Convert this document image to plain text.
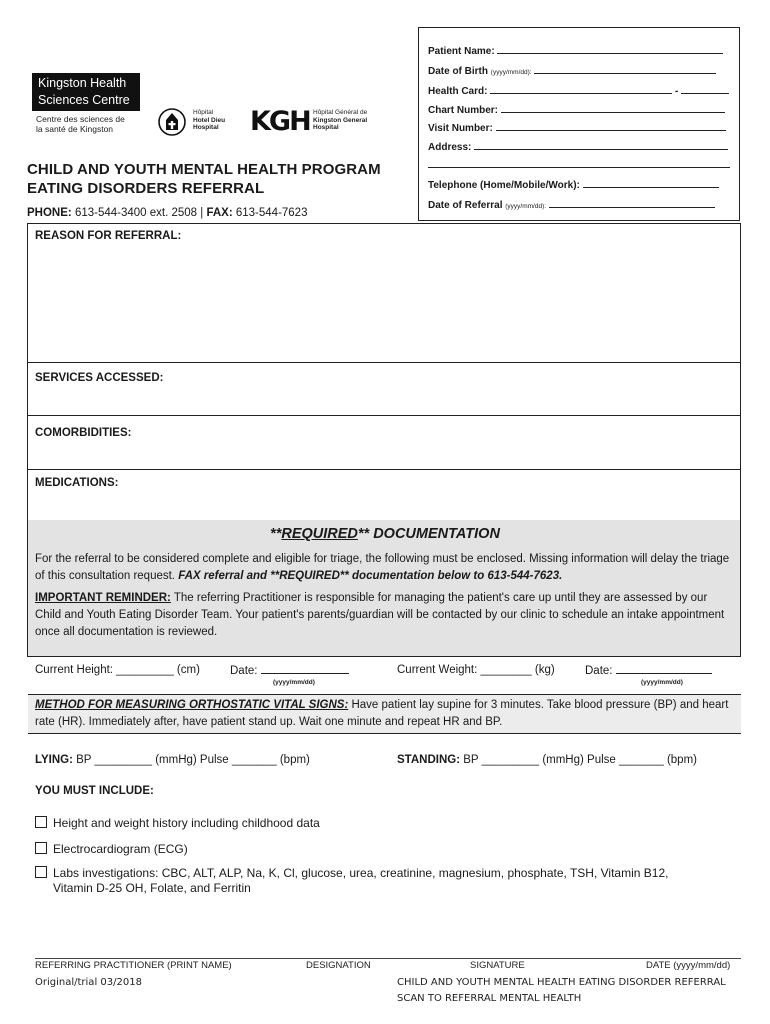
Kingston Health
Sciences Centre
Centre des sciences de
la santé de Kingston
Hôpital
Hotel Dieu
Hospital KGH Hôpital Général de
Kingston General
Hospital
Patient Name:
Date of Birth (yyyy/mm/dd):
Health Card:	-
Chart Number:
Visit Number:
Address:
Telephone (Home/Mobile/Work):
Date of Referral (yyyy/mm/dd):
CHILD AND YOUTH MENTAL HEALTH PROGRAM
EATING DISORDERS REFERRAL
PHONE: 613-544-3400 ext. 2508 | FAX: 613-544-7623
REASON FOR REFERRAL:
SERVICES ACCESSED:
COMORBIDITIES:
MEDICATIONS:
**REQUIRED** DOCUMENTATION
For the referral to be considered complete and eligible for triage, the following must be enclosed. Missing information will delay the triage of this consultation request. FAX referral and **REQUIRED** documentation below to 613-544-7623.
IMPORTANT REMINDER: The referring Practitioner is responsible for managing the patient's care up until they are assessed by our Child and Youth Eating Disorder Team. Your patient's parents/guardian will be contacted by our clinic to schedule an intake appointment once all documentation is reviewed.
Current Height: _________ (cm)	Date:
(yyyy/mm/dd)
Current Weight: ________ (kg)	Date:
(yyyy/mm/dd)
METHOD FOR MEASURING ORTHOSTATIC VITAL SIGNS: Have patient lay supine for 3 minutes. Take blood pressure (BP) and heart rate (HR). Immediately after, have patient stand up. Wait one minute and repeat HR and BP.
LYING: BP _________ (mmHg) Pulse _______ (bpm)	STANDING: BP _________ (mmHg) Pulse _______ (bpm)
YOU MUST INCLUDE:
Height and weight history including childhood data
Electrocardiogram (ECG)
Labs investigations: CBC, ALT, ALP, Na, K, Cl, glucose, urea, creatinine, magnesium, phosphate, TSH, Vitamin B12,
Vitamin D-25 OH, Folate, and Ferritin
REFERRING PRACTITIONER (PRINT NAME)	DESIGNATION	SIGNATURE	DATE (yyyy/mm/dd)
Original/trial 03/2018	CHILD AND YOUTH MENTAL HEALTH EATING DISORDER REFERRAL
SCAN TO REFERRAL MENTAL HEALTH
